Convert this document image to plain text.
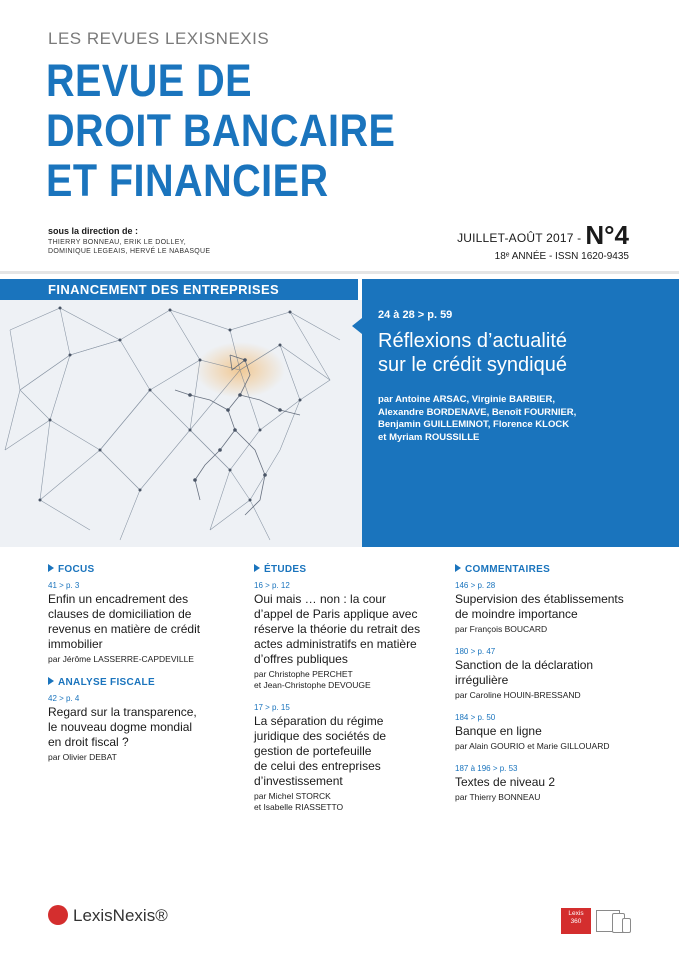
LES REVUES LEXISNEXIS
REVUE DE
DROIT BANCAIRE
ET FINANCIER
sous la direction de :
THIERRY BONNEAU, ERIK LE DOLLEY,
DOMINIQUE LEGEAIS, HERVÉ LE NABASQUE
JUILLET-AOÛT 2017 - N°4
18ᵉ ANNÉE - ISSN 1620-9435
FINANCEMENT DES ENTREPRISES
24 à 28 > p. 59
Réflexions d’actualité
sur le crédit syndiqué
par Antoine ARSAC, Virginie BARBIER,
Alexandre BORDENAVE, Benoît FOURNIER,
Benjamin GUILLEMINOT, Florence KLOCK
et Myriam ROUSSILLE
FOCUS
41 > p. 3
Enfin un encadrement des
clauses de domiciliation de
revenus en matière de crédit
immobilier
par Jérôme LASSERRE-CAPDEVILLE
ANALYSE FISCALE
42 > p. 4
Regard sur la transparence,
le nouveau dogme mondial
en droit fiscal ?
par Olivier DEBAT
ÉTUDES
16 > p. 12
Oui mais … non : la cour
d’appel de Paris applique avec
réserve la théorie du retrait des
actes administratifs en matière
d’offres publiques
par Christophe PERCHET
et Jean-Christophe DEVOUGE
17 > p. 15
La séparation du régime
juridique des sociétés de
gestion de portefeuille
de celui des entreprises
d’investissement
par Michel STORCK
et Isabelle RIASSETTO
COMMENTAIRES
146 > p. 28
Supervision des établissements
de moindre importance
par François BOUCARD
180 > p. 47
Sanction de la déclaration
irrégulière
par Caroline HOUIN-BRESSAND
184 > p. 50
Banque en ligne
par Alain GOURIO et Marie GILLOUARD
187 à 196 > p. 53
Textes de niveau 2
par Thierry BONNEAU
LexisNexis®	Lexis
360
